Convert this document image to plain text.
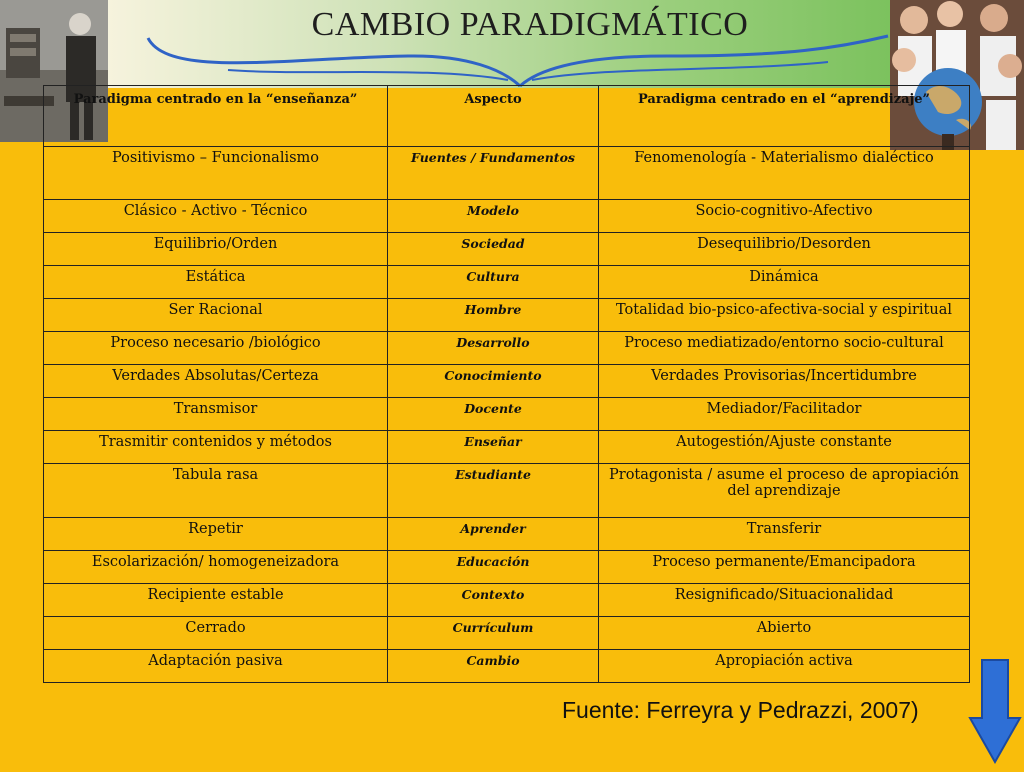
CAMBIO PARADIGMÁTICO
Paradigma centrado en la “enseñanza”	Aspecto	Paradigma centrado en el “aprendizaje”
Positivismo – Funcionalismo	Fuentes / Fundamentos	Fenomenología - Materialismo dialéctico
Clásico - Activo - Técnico	Modelo	Socio-cognitivo-Afectivo
Equilibrio/Orden	Sociedad	Desequilibrio/Desorden
Estática	Cultura	Dinámica
Ser Racional	Hombre	Totalidad bio-psico-afectiva-social y espiritual
Proceso necesario /biológico	Desarrollo	Proceso mediatizado/entorno socio-cultural
Verdades Absolutas/Certeza	Conocimiento	Verdades Provisorias/Incertidumbre
Transmisor	Docente	Mediador/Facilitador
Trasmitir contenidos y métodos	Enseñar	Autogestión/Ajuste constante
Tabula rasa	Estudiante	Protagonista / asume el proceso de apropiación del aprendizaje
Repetir	Aprender	Transferir
Escolarización/ homogeneizadora	Educación	Proceso permanente/Emancipadora
Recipiente estable	Contexto	Resignificado/Situacionalidad
Cerrado	Currículum	Abierto
Adaptación pasiva	Cambio	Apropiación activa
Fuente: Ferreyra y Pedrazzi, 2007)
